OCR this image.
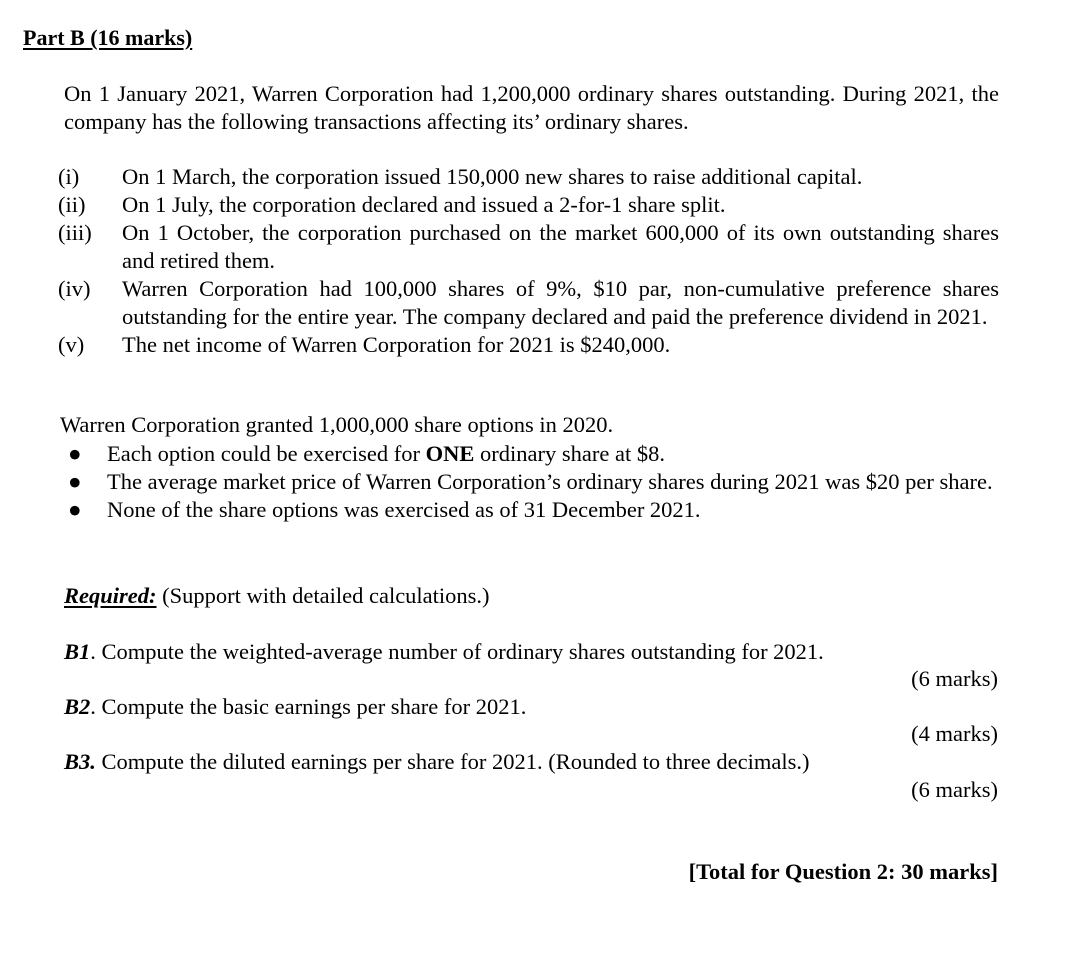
Part B (16 marks)
On 1 January 2021, Warren Corporation had 1,200,000 ordinary shares outstanding. During 2021, the company has the following transactions affecting its’ ordinary shares.
(i)	On 1 March, the corporation issued 150,000 new shares to raise additional capital.
(ii)	On 1 July, the corporation declared and issued a 2-for-1 share split.
(iii)	On 1 October, the corporation purchased on the market 600,000 of its own outstanding shares and retired them.
(iv)	Warren Corporation had 100,000 shares of 9%, $10 par, non-cumulative preference shares outstanding for the entire year. The company declared and paid the preference dividend in 2021.
(v)	The net income of Warren Corporation for 2021 is $240,000.
Warren Corporation granted 1,000,000 share options in 2020.
●	Each option could be exercised for ONE ordinary share at $8.
●	The average market price of Warren Corporation’s ordinary shares during 2021 was $20 per share.
●	None of the share options was exercised as of 31 December 2021.
Required: (Support with detailed calculations.)
B1. Compute the weighted-average number of ordinary shares outstanding for 2021.
(6 marks)
B2. Compute the basic earnings per share for 2021.
(4 marks)
B3. Compute the diluted earnings per share for 2021. (Rounded to three decimals.)
(6 marks)
[Total for Question 2: 30 marks]
